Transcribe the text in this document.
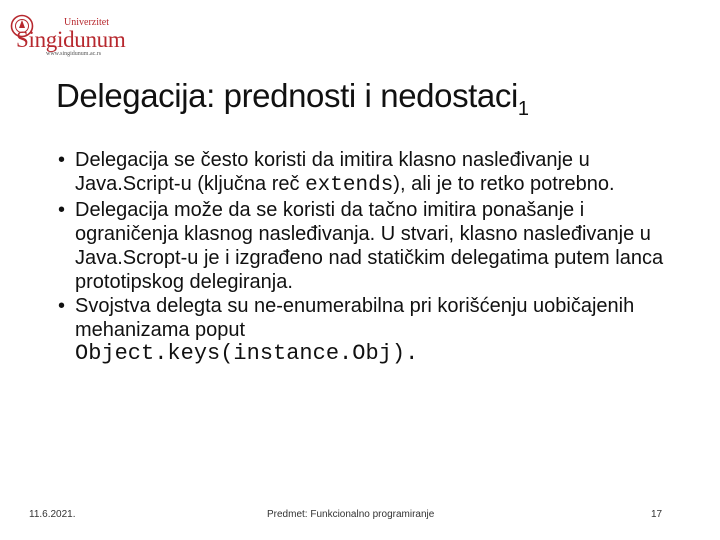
Univerzitet
Singidunum
www.singidunum.ac.rs
Delegacija: prednosti i nedostaci$_1$
• Delegacija se često koristi da imitira klasno nasleđivanje u Java.Script-u (ključna reč extends), ali je to retko potrebno.
• Delegacija može da se koristi da tačno imitira ponašanje i ograničenja klasnog nasleđivanja. U stvari, klasno nasleđivanje u Java.Scropt-u je i izgrađeno nad statičkim delegatima putem lanca prototipskog delegiranja.
• Svojstva delegta su ne-enumerabilna pri korišćenju uobičajenih mehanizama poput
Object.keys(instance.Obj).
11.6.2021.	Predmet: Funkcionalno programiranje	17
